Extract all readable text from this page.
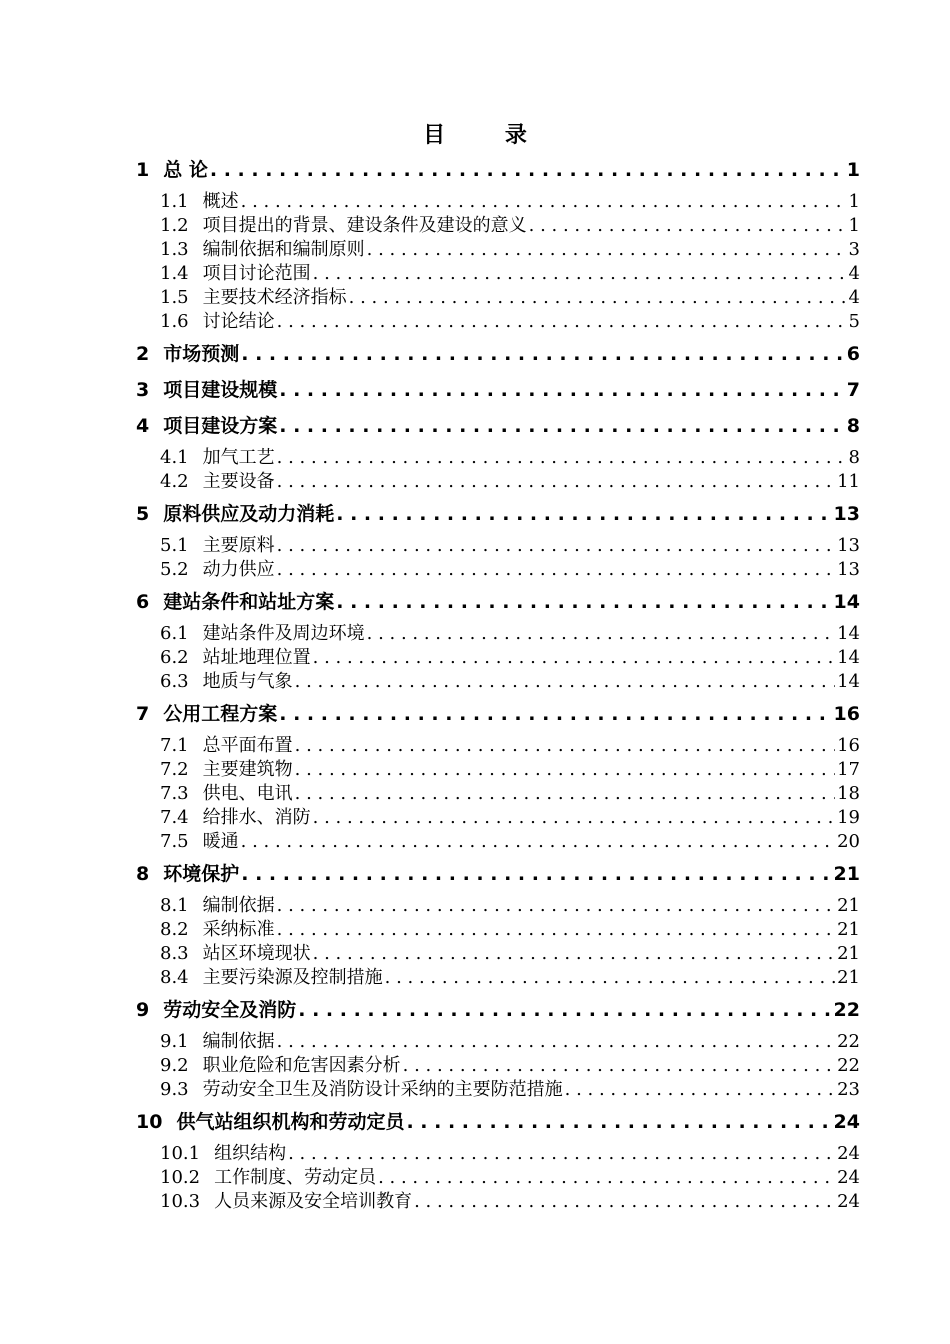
目 录
1 总 论 . . .	1
1.1 概述 . . .	1
1.2 项目提出的背景、建设条件及建设的意义 . . .	1
1.3 编制依据和编制原则 . . .	3
1.4 项目讨论范围 . . .	4
1.5 主要技术经济指标 . . .	4
1.6 讨论结论 . . .	5
2 市场预测 . . .	6
3 项目建设规模 . . .	7
4 项目建设方案 . . .	8
4.1 加气工艺 . . .	8
4.2 主要设备 . . .	11
5 原料供应及动力消耗 . . .	13
5.1 主要原料 . . .	13
5.2 动力供应 . . .	13
6 建站条件和站址方案 . . .	14
6.1 建站条件及周边环境 . . .	14
6.2 站址地理位置 . . .	14
6.3 地质与气象 . . .	14
7 公用工程方案 . . .	16
7.1 总平面布置 . . .	16
7.2 主要建筑物 . . .	17
7.3 供电、电讯 . . .	18
7.4 给排水、消防 . . .	19
7.5 暖通 . . .	20
8 环境保护 . . .	21
8.1 编制依据 . . .	21
8.2 采纳标准 . . .	21
8.3 站区环境现状 . . .	21
8.4 主要污染源及控制措施 . . .	21
9 劳动安全及消防 . . .	22
9.1 编制依据 . . .	22
9.2 职业危险和危害因素分析 . . .	22
9.3 劳动安全卫生及消防设计采纳的主要防范措施 . . .	23
10 供气站组织机构和劳动定员 . . .	24
10.1 组织结构 . . .	24
10.2 工作制度、劳动定员 . . .	24
10.3 人员来源及安全培训教育 . . .	24
